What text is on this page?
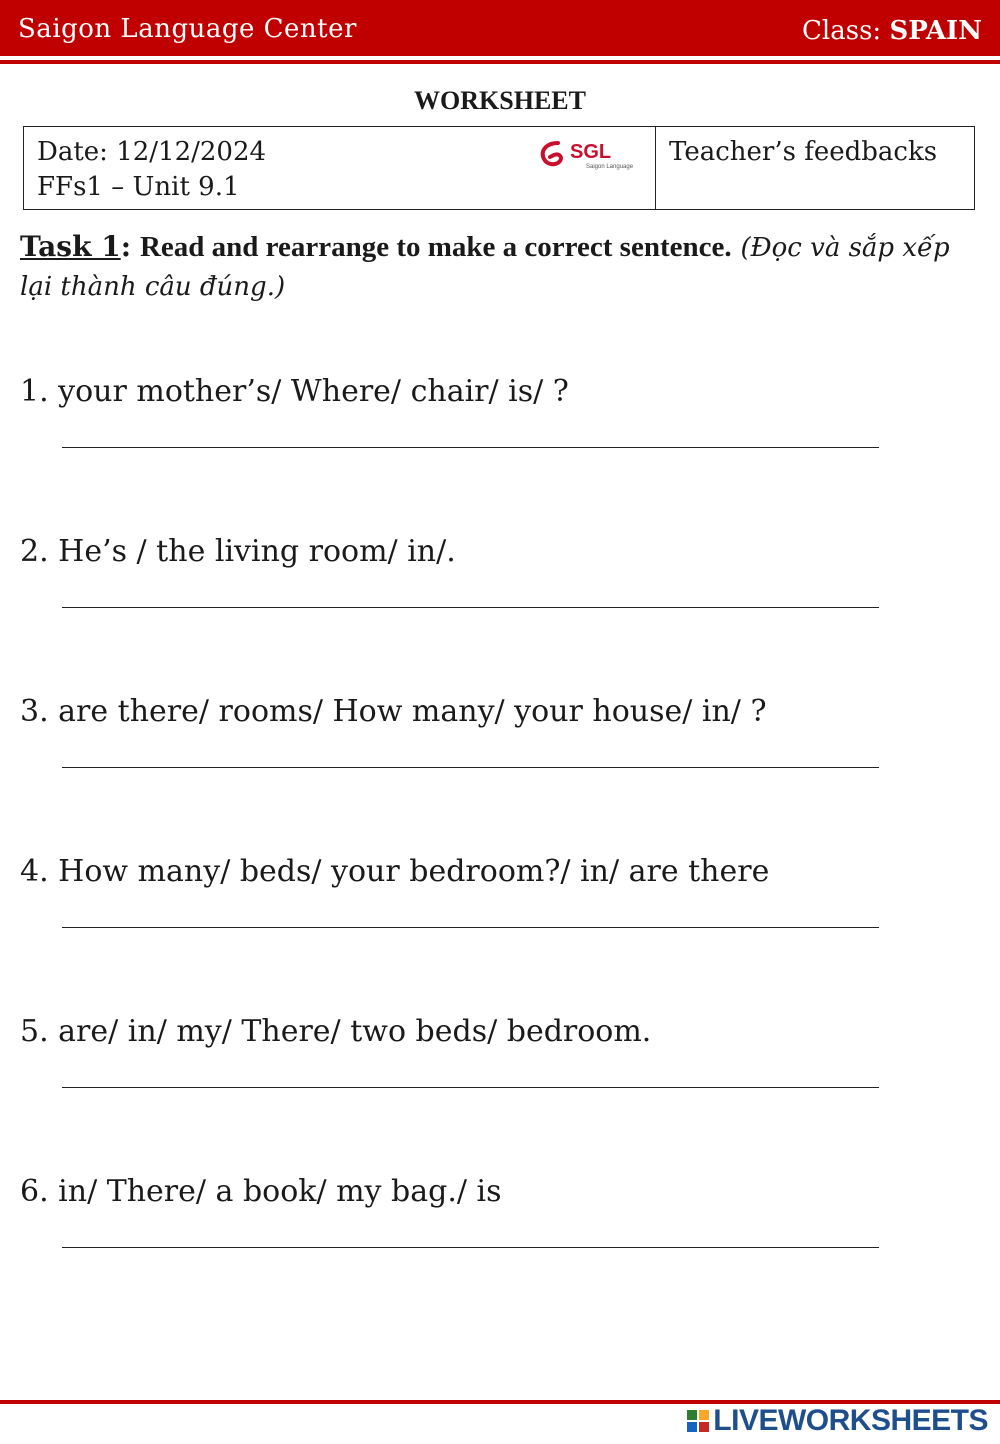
Saigon Language Center	Class: SPAIN
WORKSHEET
Date: 12/12/2024
FFs1 – Unit 9.1
SGL
Saigon Language Teacher’s feedbacks
Task 1: Read and rearrange to make a correct sentence. (Đọc và sắp xếp lại thành câu đúng.)
1. your mother’s/ Where/ chair/ is/ ?
2. He’s / the living room/ in/.
3. are there/ rooms/ How many/ your house/ in/ ?
4. How many/ beds/ your bedroom?/ in/ are there
5. are/ in/ my/ There/ two beds/ bedroom.
6. in/ There/ a book/ my bag./ is
LIVEWORKSHEETS
